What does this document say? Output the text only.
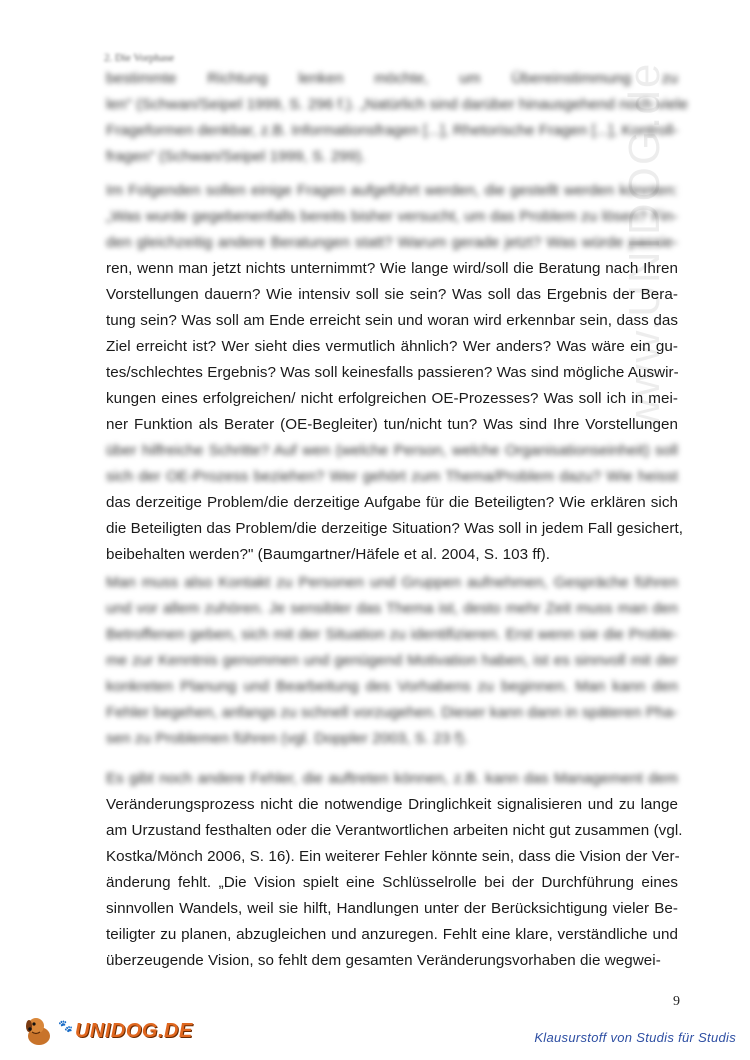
2. Die Vorphase
www.UNIDOG.de
bestimmte Richtung lenken möchte, um Übereinstimmung zu
len" (Schwan/Seipel 1999, S. 296 f.). „Natürlich sind darüber hinausgehend noch viele
Frageformen denkbar, z.B. Informationsfragen [...], Rhetorische Fragen [...], Kontroll-
fragen" (Schwan/Seipel 1999, S. 299).
Im Folgenden sollen einige Fragen aufgeführt werden, die gestellt werden könnten:
„Was wurde gegebenenfalls bereits bisher versucht, um das Problem zu lösen? Fin-
den gleichzeitig andere Beratungen statt? Warum gerade jetzt? Was würde passie-
ren, wenn man jetzt nichts unternimmt? Wie lange wird/soll die Beratung nach Ihren
Vorstellungen dauern? Wie intensiv soll sie sein? Was soll das Ergebnis der Bera-
tung sein? Was soll am Ende erreicht sein und woran wird erkennbar sein, dass das
Ziel erreicht ist? Wer sieht dies vermutlich ähnlich? Wer anders? Was wäre ein gu-
tes/schlechtes Ergebnis? Was soll keinesfalls passieren? Was sind mögliche Auswir-
kungen eines erfolgreichen/ nicht erfolgreichen OE-Prozesses? Was soll ich in mei-
ner Funktion als Berater (OE-Begleiter) tun/nicht tun? Was sind Ihre Vorstellungen
über hilfreiche Schritte? Auf wen (welche Person, welche Organisationseinheit) soll
sich der OE-Prozess beziehen? Wer gehört zum Thema/Problem dazu? Wie heisst
das derzeitige Problem/die derzeitige Aufgabe für die Beteiligten? Wie erklären sich
die Beteiligten das Problem/die derzeitige Situation? Was soll in jedem Fall gesichert,
beibehalten werden?" (Baumgartner/Häfele et al. 2004, S. 103 ff).
Man muss also Kontakt zu Personen und Gruppen aufnehmen, Gespräche führen
und vor allem zuhören. Je sensibler das Thema ist, desto mehr Zeit muss man den
Betroffenen geben, sich mit der Situation zu identifizieren. Erst wenn sie die Proble-
me zur Kenntnis genommen und genügend Motivation haben, ist es sinnvoll mit der
konkreten Planung und Bearbeitung des Vorhabens zu beginnen. Man kann den
Fehler begehen, anfangs zu schnell vorzugehen. Dieser kann dann in späteren Pha-
sen zu Problemen führen (vgl. Doppler 2003, S. 23 f).
Es gibt noch andere Fehler, die auftreten können, z.B. kann das Management dem
Veränderungsprozess nicht die notwendige Dringlichkeit signalisieren und zu lange
am Urzustand festhalten oder die Verantwortlichen arbeiten nicht gut zusammen (vgl.
Kostka/Mönch 2006, S. 16). Ein weiterer Fehler könnte sein, dass die Vision der Ver-
änderung fehlt. „Die Vision spielt eine Schlüsselrolle bei der Durchführung eines
sinnvollen Wandels, weil sie hilft, Handlungen unter der Berücksichtigung vieler Be-
teiligter zu planen, abzugleichen und anzuregen. Fehlt eine klare, verständliche und
überzeugende Vision, so fehlt dem gesamten Veränderungsvorhaben die wegwei-
9
🐾 UNIDOG.DE	Klausurstoff von Studis für Studis
